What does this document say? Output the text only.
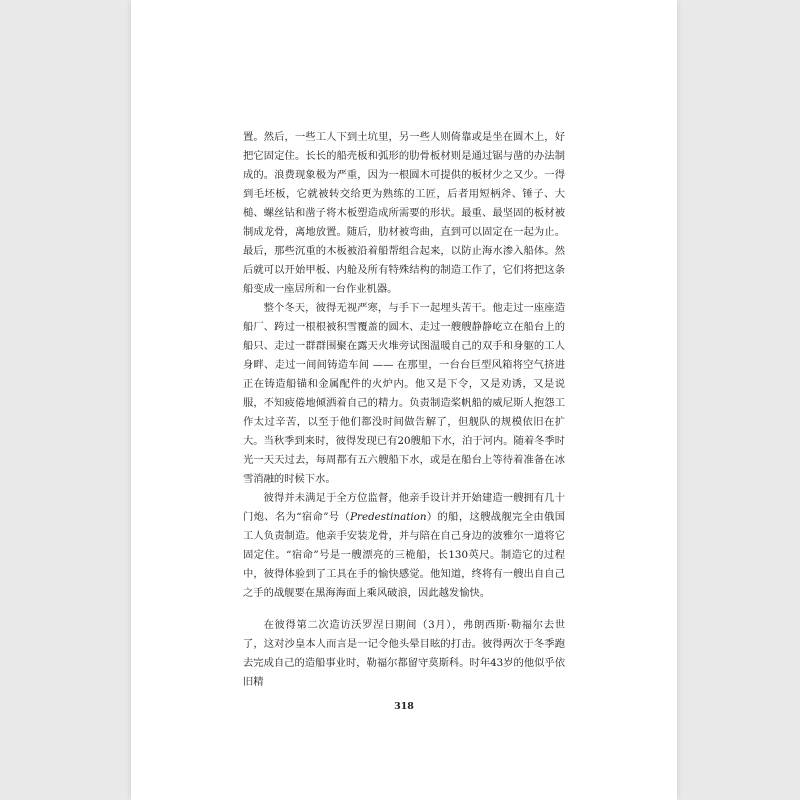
置。然后，一些工人下到土坑里，另一些人则倚靠或是坐在圆木上，好把它固定住。长长的船壳板和弧形的肋骨板材则是通过锯与凿的办法制成的。浪费现象极为严重，因为一根圆木可提供的板材少之又少。一得到毛坯板，它就被转交给更为熟练的工匠，后者用短柄斧、锤子、大槌、螺丝钻和凿子将木板塑造成所需要的形状。最重、最坚固的板材被制成龙骨，离地放置。随后，肋材被弯曲，直到可以固定在一起为止。最后，那些沉重的木板被沿着船帮组合起来，以防止海水渗入船体。然后就可以开始甲板、内舱及所有特殊结构的制造工作了，它们将把这条船变成一座居所和一台作业机器。

整个冬天，彼得无视严寒，与手下一起埋头苦干。他走过一座座造船厂、跨过一根根被积雪覆盖的圆木、走过一艘艘静静屹立在船台上的船只、走过一群群围聚在露天火堆旁试图温暖自己的双手和身躯的工人身畔、走过一间间铸造车间 —— 在那里，一台台巨型风箱将空气挤进正在铸造船锚和金属配件的火炉内。他又是下令，又是劝诱，又是说服，不知疲倦地倾洒着自己的精力。负责制造桨帆船的威尼斯人抱怨工作太过辛苦，以至于他们都没时间做告解了，但舰队的规模依旧在扩大。当秋季到来时，彼得发现已有20艘船下水，泊于河内。随着冬季时光一天天过去，每周都有五六艘船下水，或是在船台上等待着准备在冰雪消融的时候下水。

彼得并未满足于全方位监督，他亲手设计并开始建造一艘拥有几十门炮、名为“宿命”号（Predestination）的船，这艘战舰完全由俄国工人负责制造。他亲手安装龙骨，并与陪在自己身边的波雅尔一道将它固定住。“宿命”号是一艘漂亮的三桅船，长130英尺。制造它的过程中，彼得体验到了工具在手的愉快感觉。他知道，终将有一艘出自自己之手的战舰要在黑海海面上乘风破浪，因此越发愉快。

在彼得第二次造访沃罗涅日期间（3月），弗朗西斯·勒福尔去世了，这对沙皇本人而言是一记令他头晕目眩的打击。彼得两次于冬季跑去完成自己的造船事业时，勒福尔都留守莫斯科。时年43岁的他似乎依旧精

318
